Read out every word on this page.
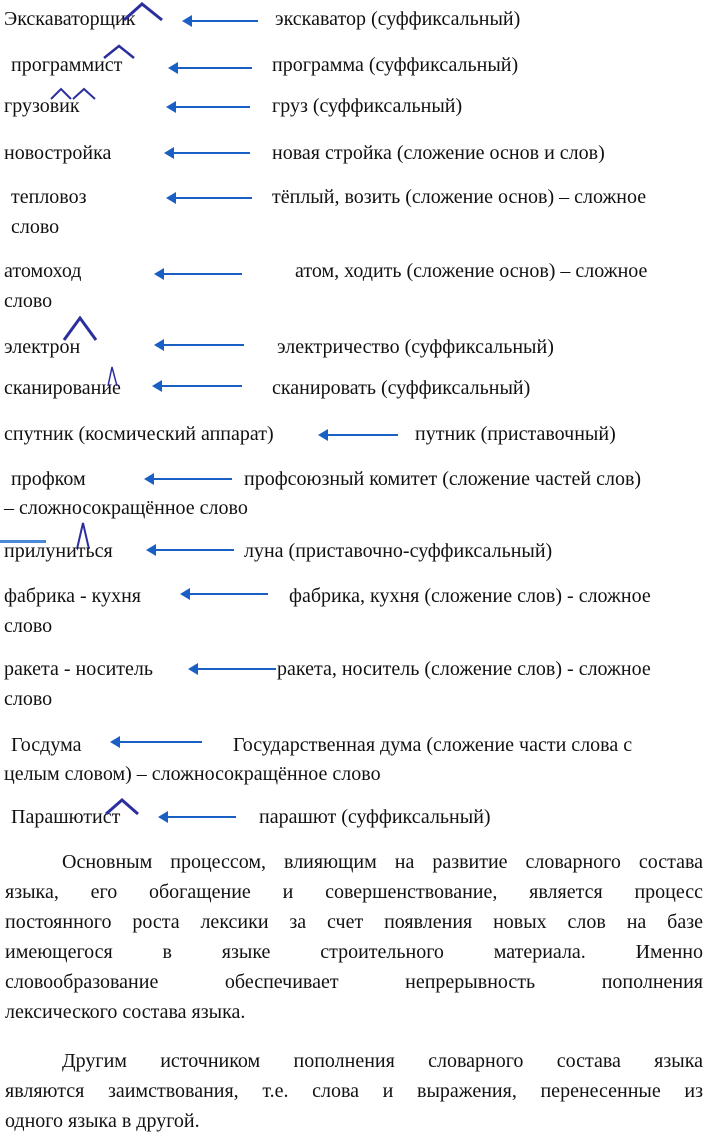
Экскаваторщик	экскаватор (суффиксальный)
программист	программа (суффиксальный)
грузовик	груз (суффиксальный)
новостройка	новая стройка (сложение основ и слов)
тепловоз	тёплый, возить (сложение основ) – сложное
слово
атомоход	атом, ходить (сложение основ) – сложное
слово
электрон	электричество (суффиксальный)
сканирование	сканировать (суффиксальный)
спутник (космический аппарат)	путник (приставочный)
профком	профсоюзный комитет (сложение частей слов)
– сложносокращённое слово
прилуниться	луна (приставочно-суффиксальный)
фабрика - кухня	фабрика, кухня (сложение слов) - сложное
слово
ракета - носитель	ракета, носитель (сложение слов) - сложное
слово
Госдума	Государственная дума (сложение части слова с
целым словом) – сложносокращённое слово
Парашютист	парашют (суффиксальный)
Основным процессом, влияющим на развитие словарного состава
языка, его обогащение и совершенствование, является процесс
постоянного роста лексики за счет появления новых слов на базе
имеющегося в языке строительного материала. Именно
словообразование обеспечивает непрерывность пополнения
лексического состава языка.
Другим источником пополнения словарного состава языка
являются заимствования, т.е. слова и выражения, перенесенные из
одного языка в другой.
